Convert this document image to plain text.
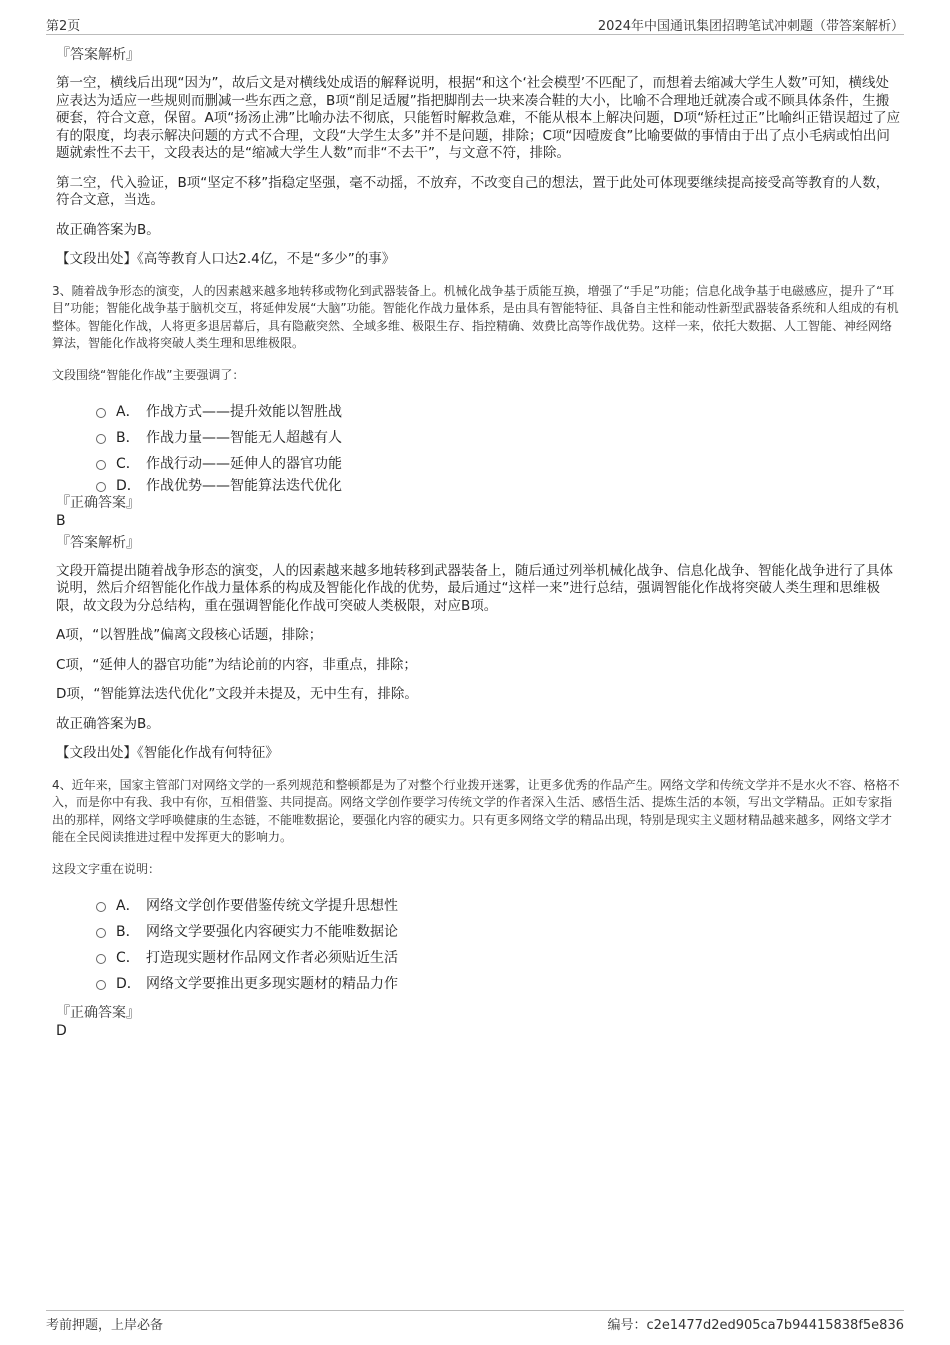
第2页	2024年中国通讯集团招聘笔试冲刺题（带答案解析）
『答案解析』

第一空，横线后出现“因为”，故后文是对横线处成语的解释说明，根据“和这个‘社会模型’不匹配了，而想着去缩减大学生人数”可知，横线处应表达为适应一些规则而删减一些东西之意，B项“削足适履”指把脚削去一块来凑合鞋的大小，比喻不合理地迁就凑合或不顾具体条件，生搬硬套，符合文意，保留。A项“扬汤止沸”比喻办法不彻底，只能暂时解救急难，不能从根本上解决问题，D项“矫枉过正”比喻纠正错误超过了应有的限度，均表示解决问题的方式不合理，文段“大学生太多”并不是问题，排除；C项“因噎废食”比喻要做的事情由于出了点小毛病或怕出问题就索性不去干，文段表达的是“缩减大学生人数”而非“不去干”，与文意不符，排除。

第二空，代入验证，B项“坚定不移”指稳定坚强，毫不动摇，不放弃，不改变自己的想法，置于此处可体现要继续提高接受高等教育的人数，符合文意，当选。

故正确答案为B。

【文段出处】《高等教育人口达2.4亿，不是“多少”的事》

3、随着战争形态的演变，人的因素越来越多地转移或物化到武器装备上。机械化战争基于质能互换，增强了“手足”功能；信息化战争基于电磁感应，提升了“耳目”功能；智能化战争基于脑机交互，将延伸发展“大脑”功能。智能化作战力量体系，是由具有智能特征、具备自主性和能动性新型武器装备系统和人组成的有机整体。智能化作战，人将更多退居幕后，具有隐蔽突然、全域多维、极限生存、指控精确、效费比高等作战优势。这样一来，依托大数据、人工智能、神经网络算法，智能化作战将突破人类生理和思维极限。

文段围绕“智能化作战”主要强调了：

A． 作战方式——提升效能以智胜战
B． 作战力量——智能无人超越有人
C． 作战行动——延伸人的器官功能
D． 作战优势——智能算法迭代优化
『正确答案』
B
『答案解析』

文段开篇提出随着战争形态的演变，人的因素越来越多地转移到武器装备上，随后通过列举机械化战争、信息化战争、智能化战争进行了具体说明，然后介绍智能化作战力量体系的构成及智能化作战的优势，最后通过“这样一来”进行总结，强调智能化作战将突破人类生理和思维极限，故文段为分总结构，重在强调智能化作战可突破人类极限，对应B项。

A项，“以智胜战”偏离文段核心话题，排除；

C项，“延伸人的器官功能”为结论前的内容，非重点，排除；

D项，“智能算法迭代优化”文段并未提及，无中生有，排除。

故正确答案为B。

【文段出处】《智能化作战有何特征》

4、近年来，国家主管部门对网络文学的一系列规范和整顿都是为了对整个行业拨开迷雾，让更多优秀的作品产生。网络文学和传统文学并不是水火不容、格格不入，而是你中有我、我中有你，互相借鉴、共同提高。网络文学创作要学习传统文学的作者深入生活、感悟生活、提炼生活的本领，写出文学精品。正如专家指出的那样，网络文学呼唤健康的生态链，不能唯数据论，要强化内容的硬实力。只有更多网络文学的精品出现，特别是现实主义题材精品越来越多，网络文学才能在全民阅读推进过程中发挥更大的影响力。

这段文字重在说明：

A． 网络文学创作要借鉴传统文学提升思想性
B． 网络文学要强化内容硬实力不能唯数据论
C． 打造现实题材作品网文作者必须贴近生活
D． 网络文学要推出更多现实题材的精品力作
『正确答案』
D
考前押题，上岸必备	编号：c2e1477d2ed905ca7b94415838f5e836
